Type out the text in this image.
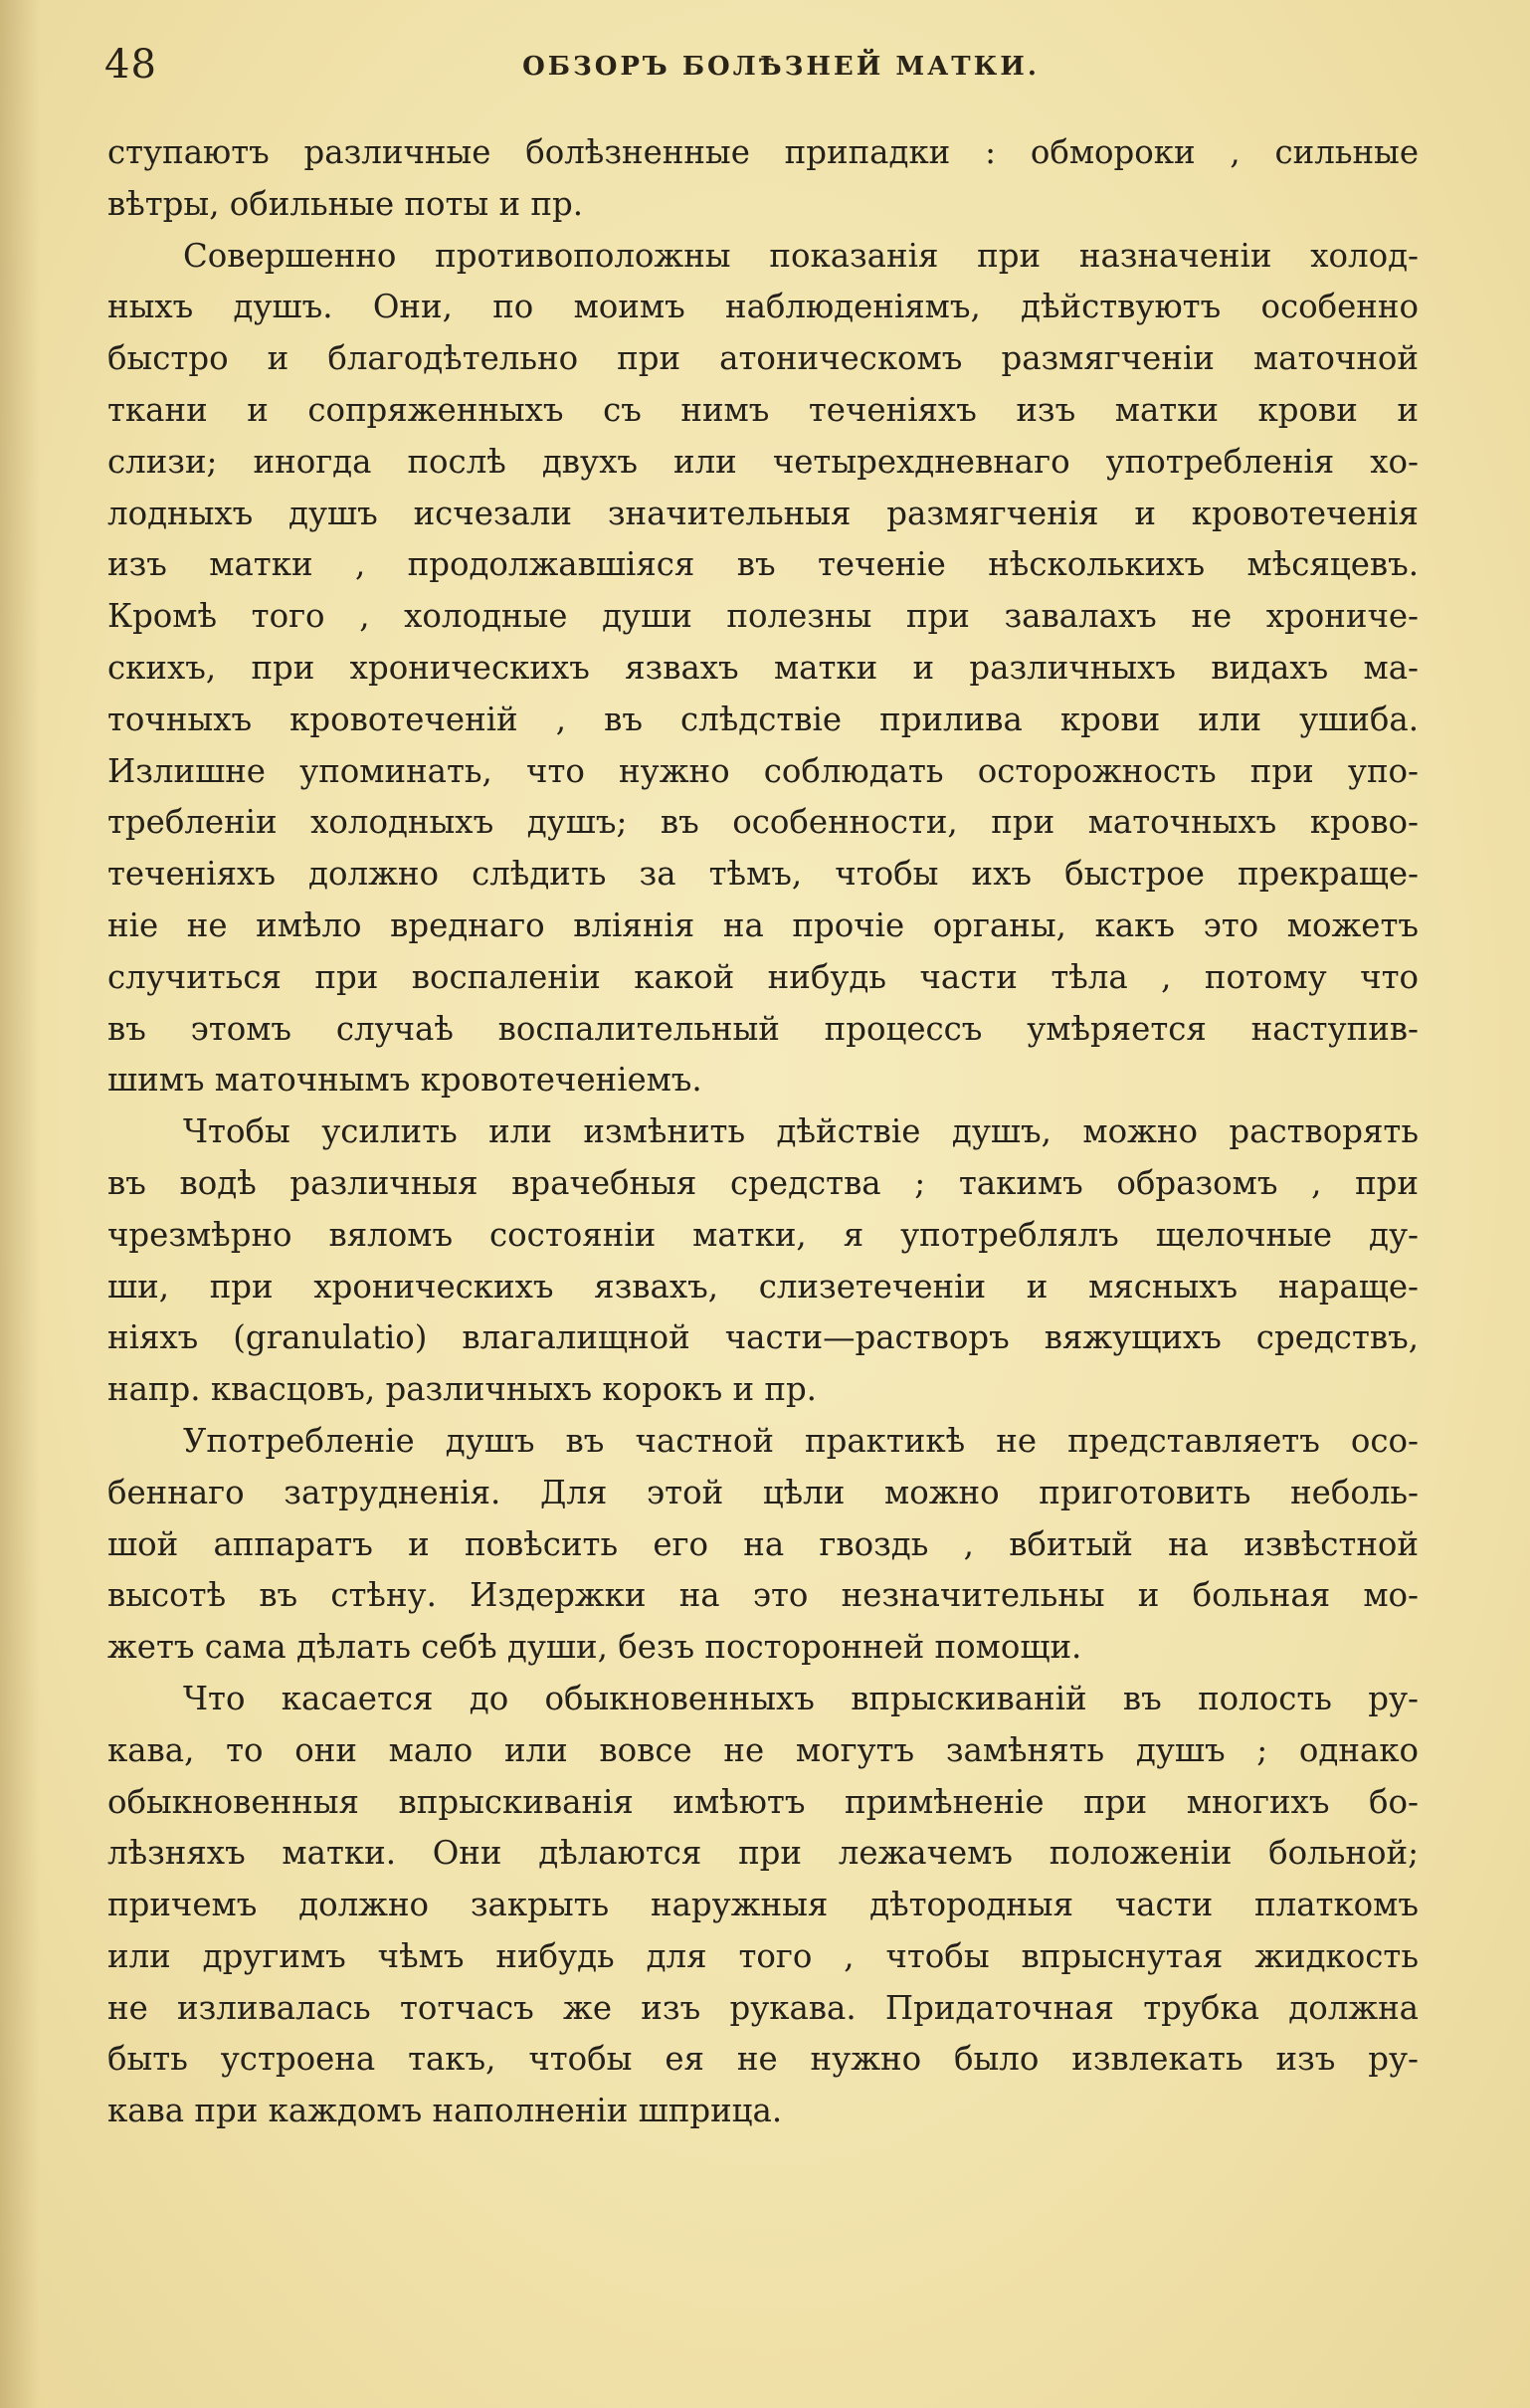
48	ОБЗОРЪ БОЛѢЗНЕЙ МАТКИ.
ступаютъ различные болѣзненные припадки : обмороки , сильные
вѣтры, обильные поты и пр.
Совершенно противоположны показанія при назначеніи холод-
ныхъ душъ. Они, по моимъ наблюденіямъ, дѣйствуютъ особенно
быстро и благодѣтельно при атоническомъ размягченіи маточной
ткани и сопряженныхъ съ нимъ теченіяхъ изъ матки крови и
слизи; иногда послѣ двухъ или четырехдневнаго употребленія хо-
лодныхъ душъ исчезали значительныя размягченія и кровотеченія
изъ матки , продолжавшіяся въ теченіе нѣсколькихъ мѣсяцевъ.
Кромѣ того , холодные души полезны при завалахъ не хрониче-
скихъ, при хроническихъ язвахъ матки и различныхъ видахъ ма-
точныхъ кровотеченій , въ слѣдствіе прилива крови или ушиба.
Излишне упоминать, что нужно соблюдать осторожность при упо-
требленіи холодныхъ душъ; въ особенности, при маточныхъ крово-
теченіяхъ должно слѣдить за тѣмъ, чтобы ихъ быстрое прекраще-
ніе не имѣло вреднаго вліянія на прочіе органы, какъ это можетъ
случиться при воспаленіи какой нибудь части тѣла , потому что
въ этомъ случаѣ воспалительный процессъ умѣряется наступив-
шимъ маточнымъ кровотеченіемъ.
Чтобы усилить или измѣнить дѣйствіе душъ, можно растворять
въ водѣ различныя врачебныя средства ; такимъ образомъ , при
чрезмѣрно вяломъ состояніи матки, я употреблялъ щелочные ду-
ши, при хроническихъ язвахъ, слизетеченіи и мясныхъ нараще-
ніяхъ (granulatio) влагалищной части—растворъ вяжущихъ средствъ,
напр. квасцовъ, различныхъ корокъ и пр.
Употребленіе душъ въ частной практикѣ не представляетъ осо-
беннаго затрудненія. Для этой цѣли можно приготовить неболь-
шой аппаратъ и повѣсить его на гвоздь , вбитый на извѣстной
высотѣ въ стѣну. Издержки на это незначительны и больная мо-
жетъ сама дѣлать себѣ души, безъ посторонней помощи.
Что касается до обыкновенныхъ впрыскиваній въ полость ру-
кава, то они мало или вовсе не могутъ замѣнять душъ ; однако
обыкновенныя впрыскиванія имѣютъ примѣненіе при многихъ бо-
лѣзняхъ матки. Они дѣлаются при лежачемъ положеніи больной;
причемъ должно закрыть наружныя дѣтородныя части платкомъ
или другимъ чѣмъ нибудь для того , чтобы впрыснутая жидкость
не изливалась тотчасъ же изъ рукава. Придаточная трубка должна
быть устроена такъ, чтобы ея не нужно было извлекать изъ ру-
кава при каждомъ наполненіи шприца.
